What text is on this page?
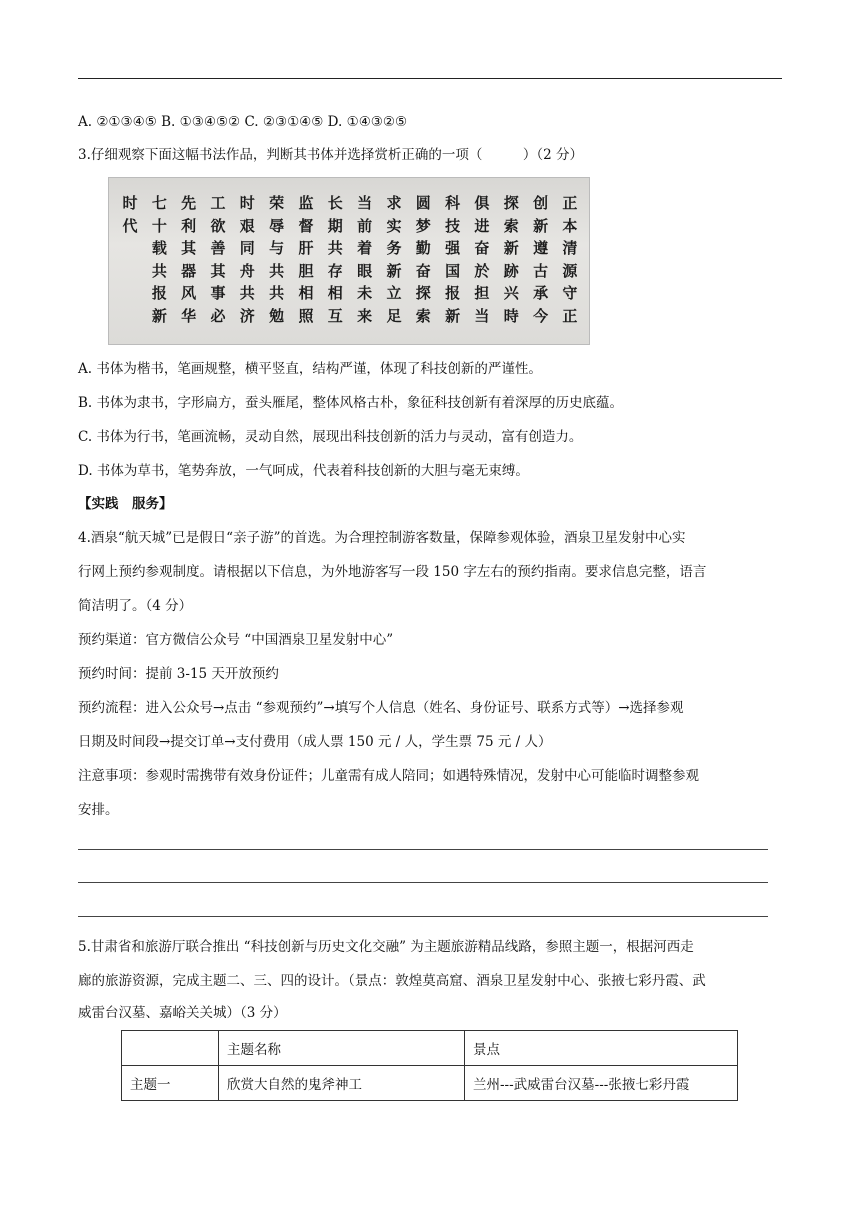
A. ②①③④⑤ B. ①③④⑤② C. ②③①④⑤ D. ①④③②⑤
3.仔细观察下面这幅书法作品，判断其书体并选择赏析正确的一项（　　　）（2 分）
正
本
清
源
守
正
创
新
遵
古
承
今
探
索
新
跡
兴
時
俱
进
奋
於
担
当
科
技
强
国
报
新
圆
梦
勤
奋
探
索
求
实
务
新
立
足
当
前
着
眼
未
来
长
期
共
存
相
互
监
督
肝
胆
相
照
荣
辱
与
共
共
勉
时
艰
同
舟
共
济
工
欲
善
其
事
必
先
利
其
器
风
华
七
十
载
共
报
新
时
代
A. 书体为楷书，笔画规整，横平竖直，结构严谨，体现了科技创新的严谨性。
B. 书体为隶书，字形扁方，蚕头雁尾，整体风格古朴，象征科技创新有着深厚的历史底蕴。
C. 书体为行书，笔画流畅，灵动自然，展现出科技创新的活力与灵动，富有创造力。
D. 书体为草书，笔势奔放，一气呵成，代表着科技创新的大胆与毫无束缚。
【实践　服务】
4.酒泉“航天城”已是假日“亲子游”的首选。为合理控制游客数量，保障参观体验，酒泉卫星发射中心实
行网上预约参观制度。请根据以下信息，为外地游客写一段 150 字左右的预约指南。要求信息完整，语言
简洁明了。（4 分）
预约渠道：官方微信公众号 “中国酒泉卫星发射中心”
预约时间：提前 3-15 天开放预约
预约流程：进入公众号→点击 “参观预约”→填写个人信息（姓名、身份证号、联系方式等）→选择参观
日期及时间段→提交订单→支付费用（成人票 150 元 / 人，学生票 75 元 / 人）
注意事项：参观时需携带有效身份证件；儿童需有成人陪同；如遇特殊情况，发射中心可能临时调整参观
安排。
5.甘肃省和旅游厅联合推出 “科技创新与历史文化交融” 为主题旅游精品线路，参照主题一，根据河西走
廊的旅游资源，完成主题二、三、四的设计。（景点：敦煌莫高窟、酒泉卫星发射中心、张掖七彩丹霞、武
威雷台汉墓、嘉峪关关城）（3 分）
	主题名称	景点
主题一	欣赏大自然的鬼斧神工	兰州---武威雷台汉墓---张掖七彩丹霞
